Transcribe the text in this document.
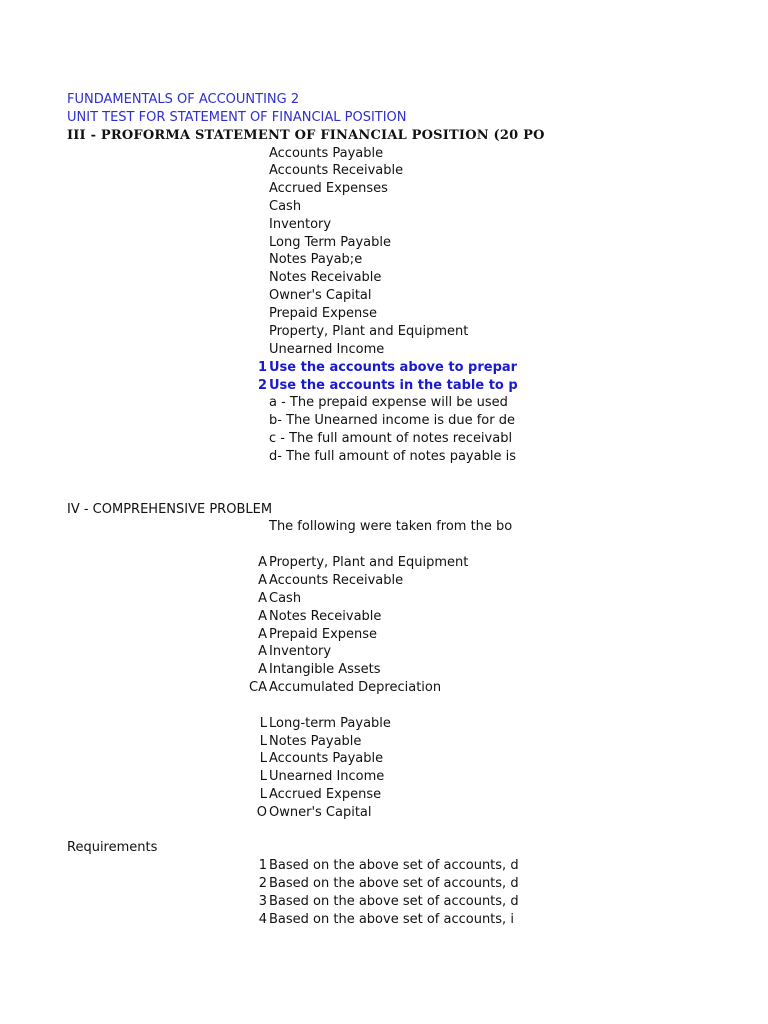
FUNDAMENTALS OF ACCOUNTING 2
UNIT TEST FOR STATEMENT OF FINANCIAL POSITION
III - PROFORMA STATEMENT OF FINANCIAL POSITION (20 PO
Accounts Payable
Accounts Receivable
Accrued Expenses
Cash
Inventory
Long Term Payable
Notes Payab;e
Notes Receivable
Owner's Capital
Prepaid Expense
Property, Plant and Equipment
Unearned Income
1 Use the accounts above to prepar
2 Use the accounts in the table to p
a - The prepaid expense will be used
b- The Unearned income is due for de
c - The full amount of notes receivabl
d- The full amount of notes payable is
IV - COMPREHENSIVE PROBLEM
The following were taken from the bo
A Property, Plant and Equipment
A Accounts Receivable
A Cash
A Notes Receivable
A Prepaid Expense
A Inventory
A Intangible Assets
CA Accumulated Depreciation
L Long-term Payable
L Notes Payable
L Accounts Payable
L Unearned Income
L Accrued Expense
O Owner's Capital
Requirements
1 Based on the above set of accounts, d
2 Based on the above set of accounts, d
3 Based on the above set of accounts, d
4 Based on the above set of accounts, i
